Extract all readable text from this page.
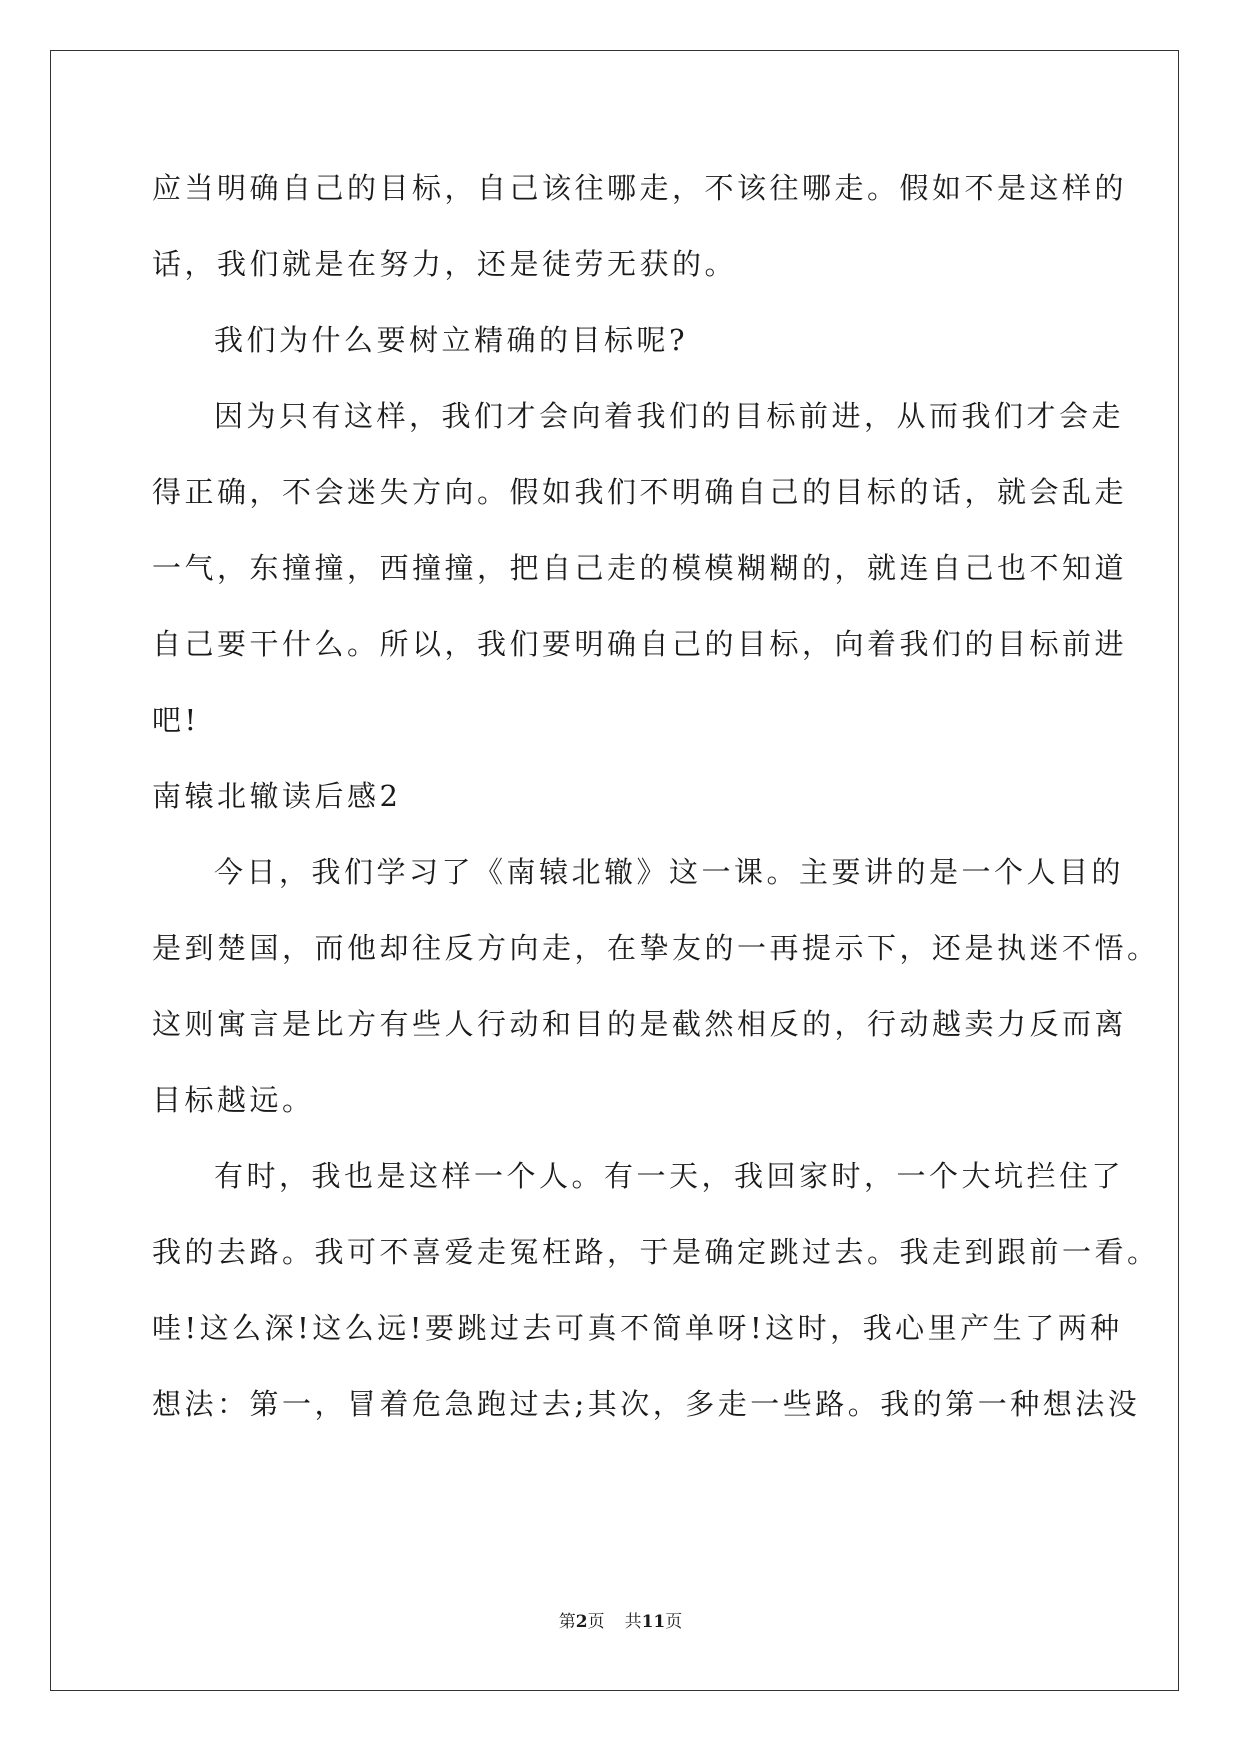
应当明确自己的目标，自己该往哪走，不该往哪走。假如不是这样的
话，我们就是在努力，还是徒劳无获的。
我们为什么要树立精确的目标呢?
因为只有这样，我们才会向着我们的目标前进，从而我们才会走
得正确，不会迷失方向。假如我们不明确自己的目标的话，就会乱走
一气，东撞撞，西撞撞，把自己走的模模糊糊的，就连自己也不知道
自己要干什么。所以，我们要明确自己的目标，向着我们的目标前进
吧!
南辕北辙读后感2
今日，我们学习了《南辕北辙》这一课。主要讲的是一个人目的
是到楚国，而他却往反方向走，在挚友的一再提示下，还是执迷不悟。
这则寓言是比方有些人行动和目的是截然相反的，行动越卖力反而离
目标越远。
有时，我也是这样一个人。有一天，我回家时，一个大坑拦住了
我的去路。我可不喜爱走冤枉路，于是确定跳过去。我走到跟前一看。
哇!这么深!这么远!要跳过去可真不简单呀!这时，我心里产生了两种
想法：第一，冒着危急跑过去;其次，多走一些路。我的第一种想法没
第2页 共11页
